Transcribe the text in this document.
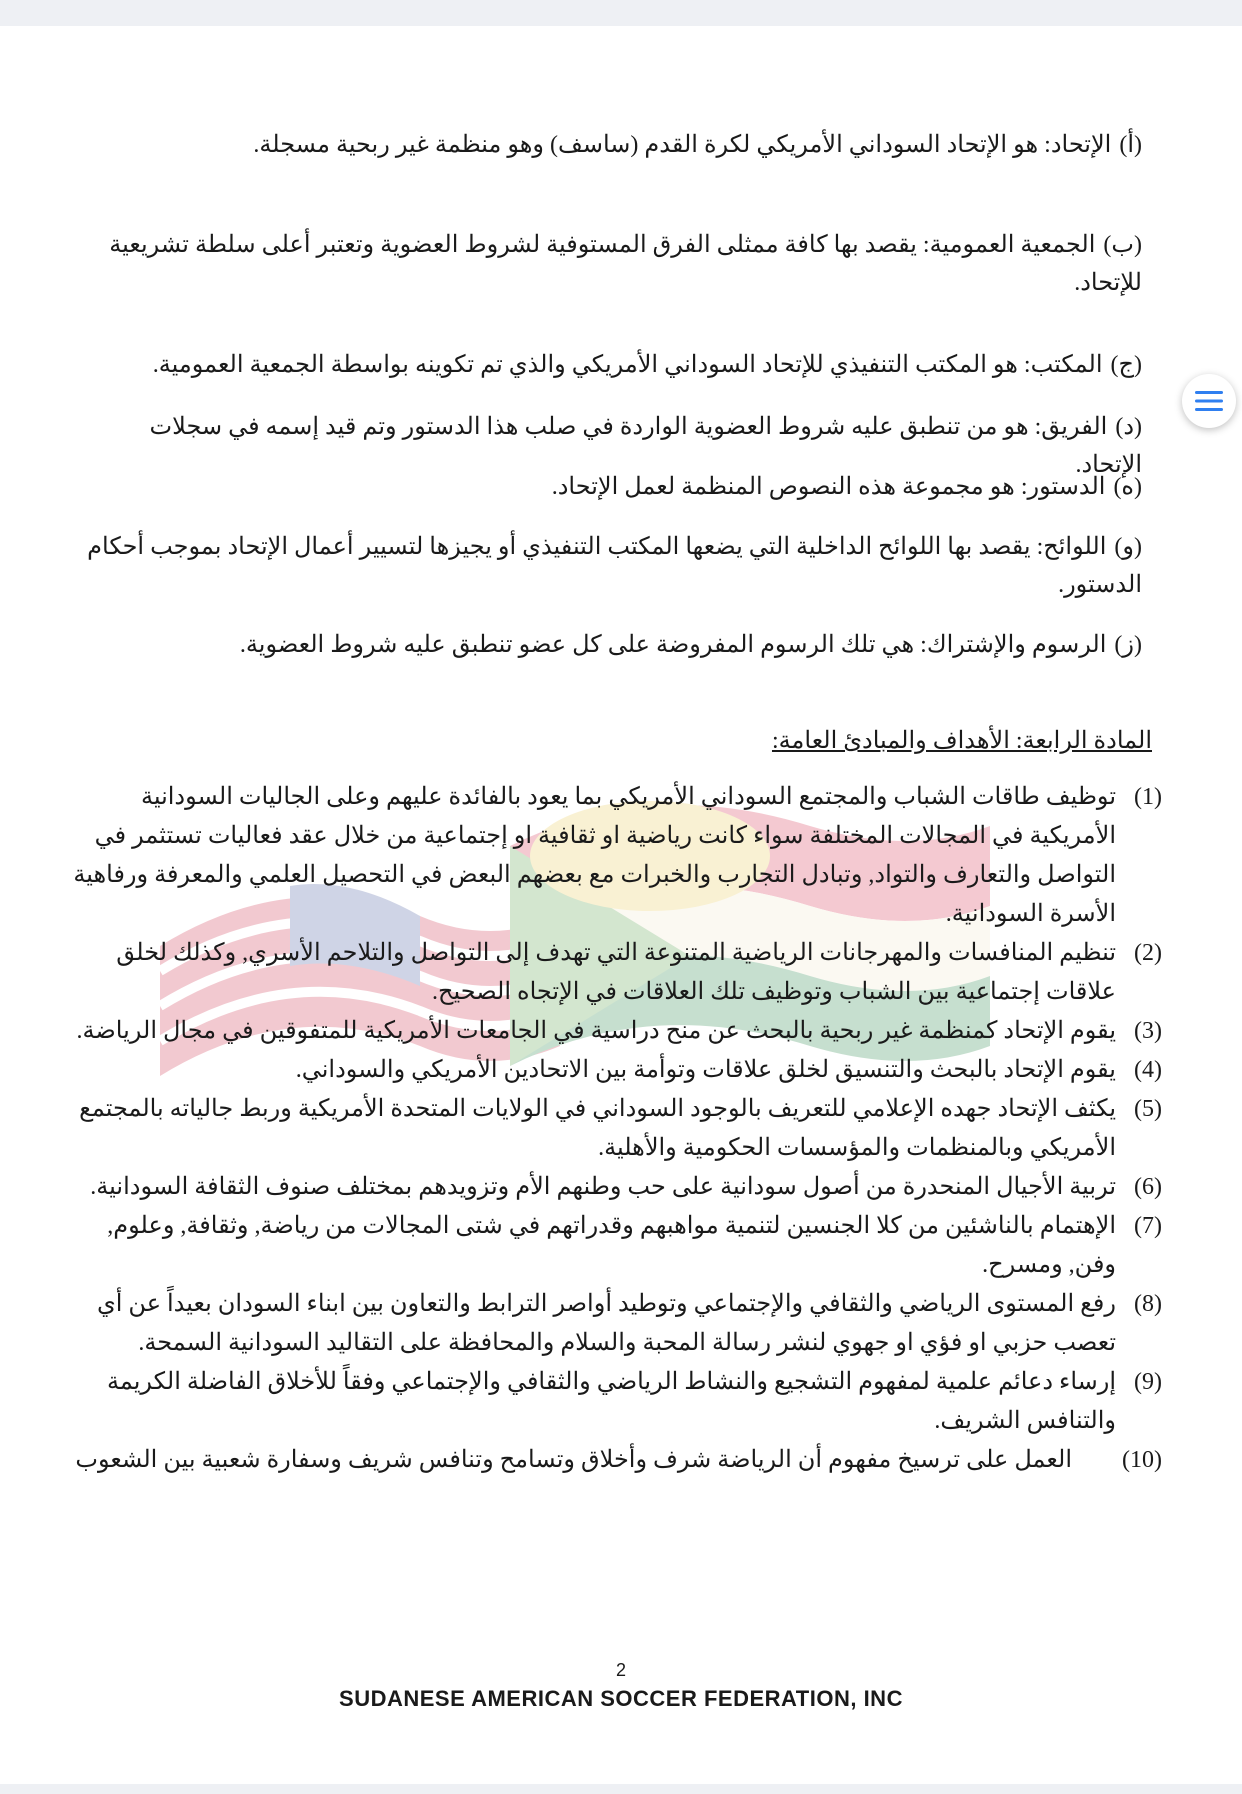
(أ)الإتحاد: هو الإتحاد السوداني الأمريكي لكرة القدم (ساسف) وهو منظمة غير ربحية مسجلة.
(ب)الجمعية العمومية: يقصد بها كافة ممثلى الفرق المستوفية لشروط العضوية وتعتبر أعلى سلطة تشريعية للإتحاد.
(ج)المكتب: هو المكتب التنفيذي للإتحاد السوداني الأمريكي والذي تم تكوينه بواسطة الجمعية العمومية.
(د)الفريق: هو من تنطبق عليه شروط العضوية الواردة في صلب هذا الدستور وتم قيد إسمه في سجلات الإتحاد.
(ه)الدستور: هو مجموعة هذه النصوص المنظمة لعمل الإتحاد.
(و)اللوائح: يقصد بها اللوائح الداخلية التي يضعها المكتب التنفيذي أو يجيزها لتسيير أعمال الإتحاد بموجب أحكام الدستور.
(ز)الرسوم والإشتراك: هي تلك الرسوم المفروضة على كل عضو تنطبق عليه شروط العضوية.
المادة الرابعة: الأهداف والمبادئ العامة:
(1)
توظيف طاقات الشباب والمجتمع السوداني الأمريكي بما يعود بالفائدة عليهم وعلى الجاليات السودانية الأمريكية في المجالات المختلفة سواء كانت رياضية او ثقافية او إجتماعية من خلال عقد فعاليات تستثمر في التواصل والتعارف والتواد, وتبادل التجارب والخبرات مع بعضهم البعض في التحصيل العلمي والمعرفة ورفاهية الأسرة السودانية.
(2)
تنظيم المنافسات والمهرجانات الرياضية المتنوعة التي تهدف إلى التواصل والتلاحم الأسري, وكذلك لخلق علاقات إجتماعية بين الشباب وتوظيف تلك العلاقات في الإتجاه الصحيح.
(3)
يقوم الإتحاد كمنظمة غير ربحية بالبحث عن منح دراسية في الجامعات الأمريكية للمتفوقين في مجال الرياضة.
(4)
يقوم الإتحاد بالبحث والتنسيق لخلق علاقات وتوأمة بين الاتحادين الأمريكي والسوداني.
(5)
يكثف الإتحاد جهده الإعلامي للتعريف بالوجود السوداني في الولايات المتحدة الأمريكية وربط جالياته بالمجتمع الأمريكي وبالمنظمات والمؤسسات الحكومية والأهلية.
(6)
تربية الأجيال المنحدرة من أصول سودانية على حب وطنهم الأم وتزويدهم بمختلف صنوف الثقافة السودانية.
(7)
الإهتمام بالناشئين من كلا الجنسين لتنمية مواهبهم وقدراتهم في شتى المجالات من رياضة, وثقافة, وعلوم, وفن, ومسرح.
(8)
رفع المستوى الرياضي والثقافي والإجتماعي وتوطيد أواصر الترابط والتعاون بين ابناء السودان بعيداً عن أي تعصب حزبي او فؤي او جهوي لنشر رسالة المحبة والسلام والمحافظة على التقاليد السودانية السمحة.
(9)
إرساء دعائم علمية لمفهوم التشجيع والنشاط الرياضي والثقافي والإجتماعي وفقاً للأخلاق الفاضلة الكريمة والتنافس الشريف.
(10)
العمل على ترسيخ مفهوم أن الرياضة شرف وأخلاق وتسامح وتنافس شريف وسفارة شعبية بين الشعوب
2
SUDANESE AMERICAN SOCCER FEDERATION, INC
